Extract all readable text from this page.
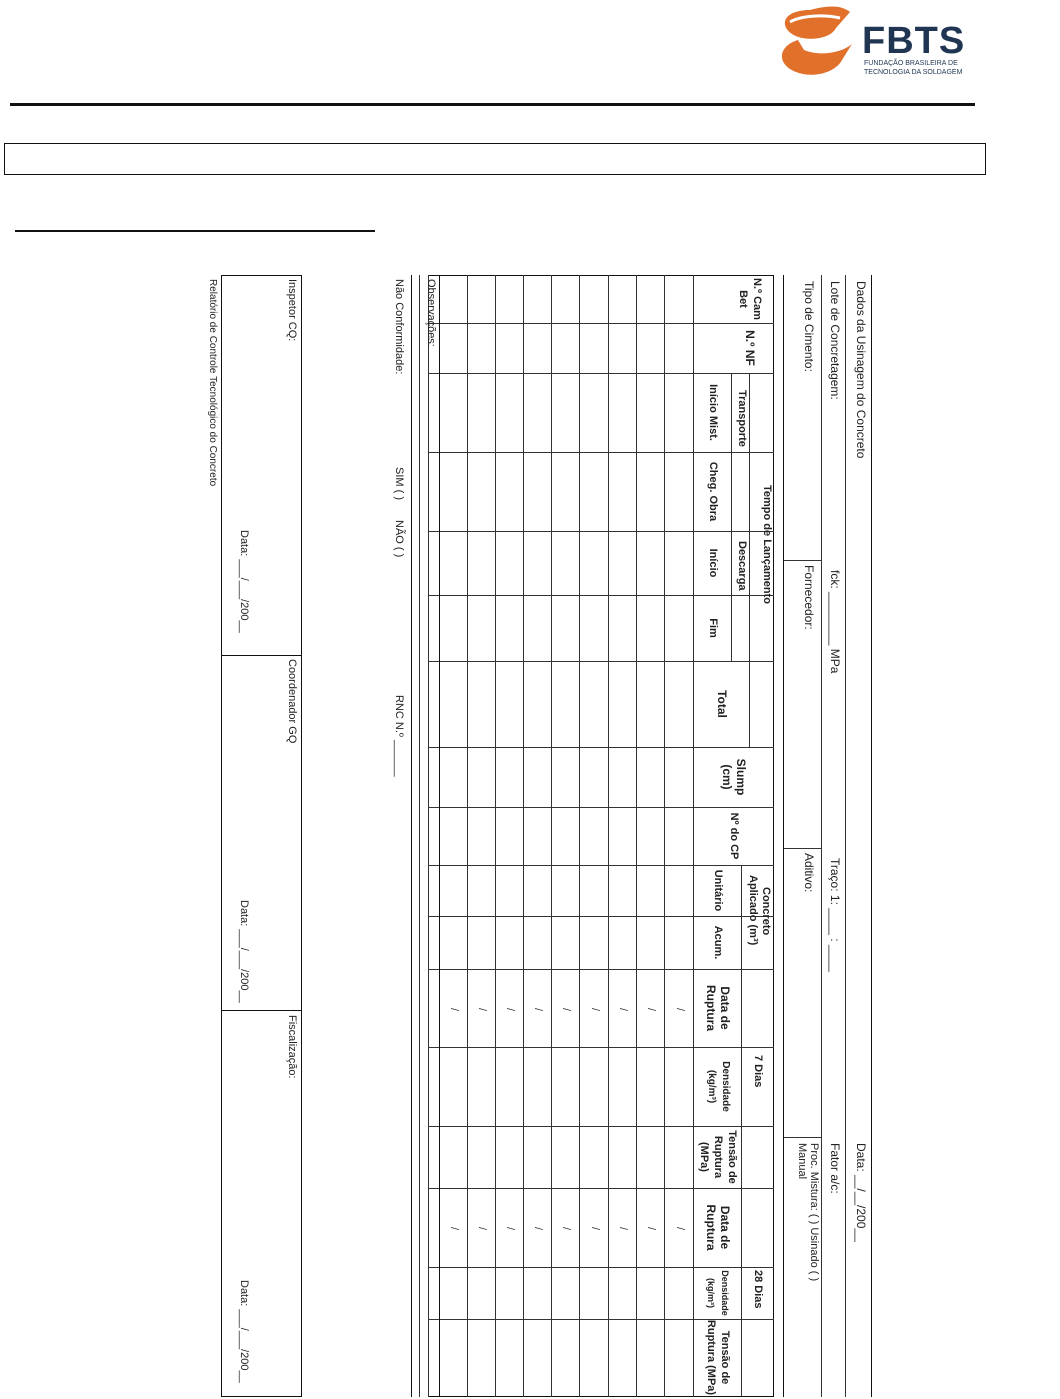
FBTS
FUNDAÇÃO BRASILEIRA DE
TECNOLOGIA DA SOLDAGEM
Dados da Usinagem do Concreto
Data: __/__/200__
Lote de Concretagem:
fck: ________ MPa
Traço: 1: ____ : ____
Fator a/c:
Tipo de Cimento:
Fornecedor:
Aditivo:
Proc. Mistura: ( ) Usinado ( )
Manual
Tempo de Lançamento
Transporte
Descarga
Concreto
Aplicado (m³)
7 Dias
28 Dias
N.º Cam Bet
N.º NF
Início Mist.
Cheg. Obra
Início
Fim
Total
Slump (cm)
Nº do CP
Unitário
Acum.
Data de Ruptura
Densidade (kg/m³)
Tensão de Ruptura (MPa)
Data de Ruptura
Densidade (kg/m³)
Tensão de Ruptura (MPa)
/
/
/
/
/
/
/
/
/
/
/
/
/
/
/
/
/
/
Observações:
Não Conformidade:
SIM ( )
NÃO ( )
RNC N.º ______
Inspetor CQ:
Coordenador GQ
Fiscalização:
Data: ___/___/200__
Data: ___/___/200__
Data: ___/___/200__
Relatório de Controle Tecnológico do Concreto
